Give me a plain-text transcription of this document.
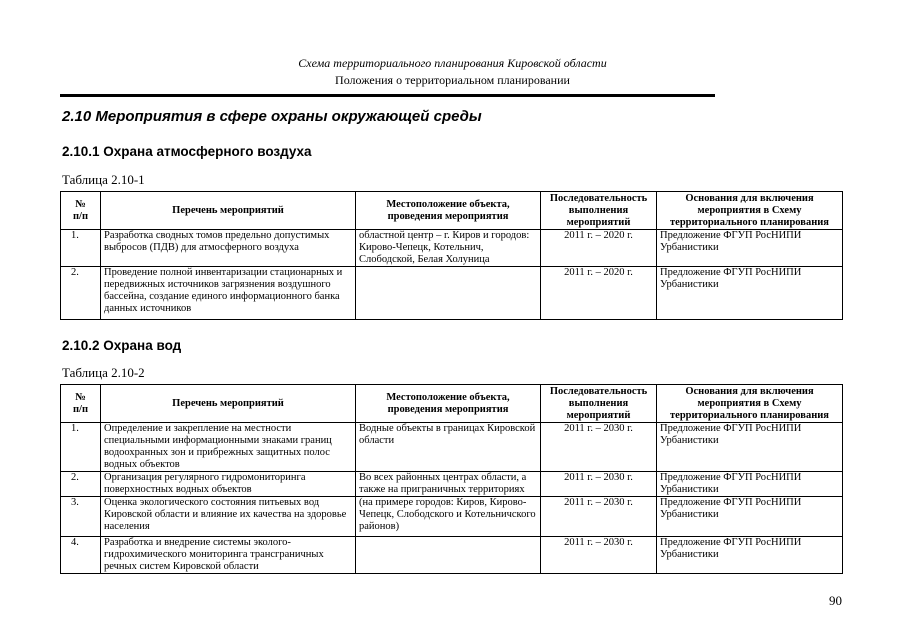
Схема территориального планирования Кировской области
Положения о территориальном планировании
2.10 Мероприятия в сфере охраны окружающей среды
2.10.1 Охрана атмосферного воздуха
Таблица 2.10-1
№
п/п	Перечень мероприятий	Местоположение объекта, проведения мероприятия	Последовательность выполнения мероприятий	Основания для включения мероприятия в Схему территориального планирования
1.	Разработка сводных томов предельно допустимых выбросов (ПДВ) для атмосферного воздуха	областной центр – г. Киров и городов: Кирово-Чепецк, Котельнич, Слободской, Белая Холуница	2011 г. – 2020 г.	Предложение ФГУП РосНИПИ Урбанистики
2.	Проведение полной инвентаризации стационарных и передвижных источников загрязнения воздушного бассейна, создание единого информационного банка данных источников		2011 г. – 2020 г.	Предложение ФГУП РосНИПИ Урбанистики
2.10.2 Охрана вод
Таблица 2.10-2
№
п/п	Перечень мероприятий	Местоположение объекта, проведения мероприятия	Последовательность выполнения мероприятий	Основания для включения мероприятия в Схему территориального планирования
1.	Определение и закрепление на местности специальными информационными знаками границ водоохранных зон и прибрежных защитных полос водных объектов	Водные объекты в границах Кировской области	2011 г. – 2030 г.	Предложение ФГУП РосНИПИ Урбанистики
2.	Организация регулярного гидромониторинга поверхностных водных объектов	Во всех районных центрах области, а также на приграничных территориях	2011 г. – 2030 г.	Предложение ФГУП РосНИПИ Урбанистики
3.	Оценка экологического состояния питьевых вод Кировской области и влияние их качества на здоровье населения	(на примере городов: Киров, Кирово-Чепецк, Слободского и Котельничского районов)	2011 г. – 2030 г.	Предложение ФГУП РосНИПИ Урбанистики
4.	Разработка и внедрение системы эколого-гидрохимического мониторинга трансграничных речных систем Кировской области		2011 г. – 2030 г.	Предложение ФГУП РосНИПИ Урбанистики
90
